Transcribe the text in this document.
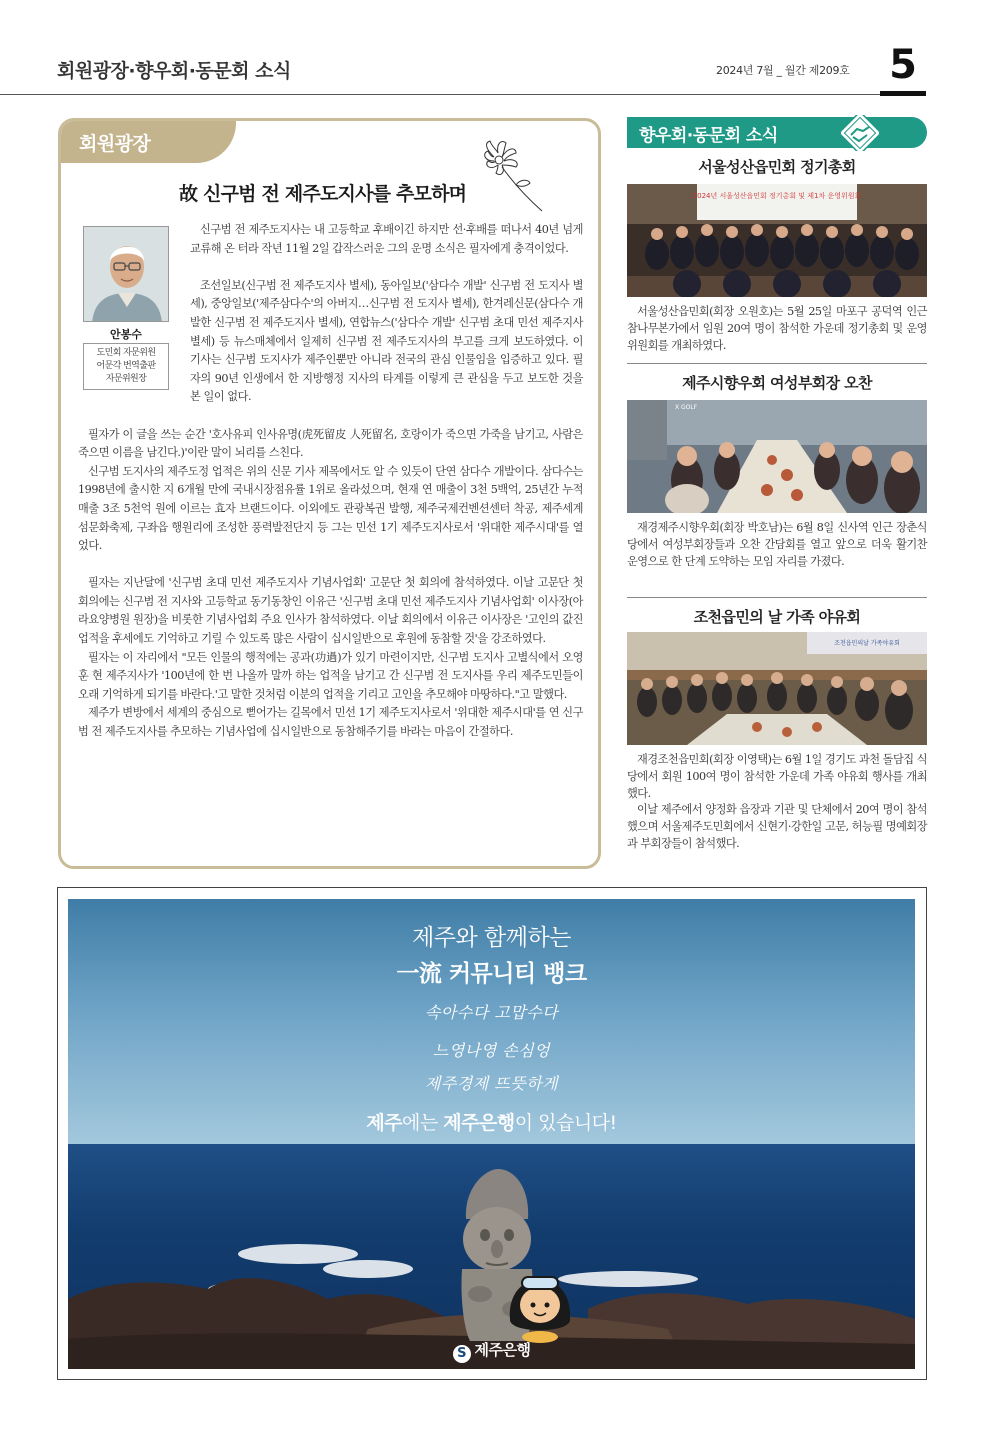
회원광장·향우회·동문회 소식	2024년 7월 _ 월간 제209호 5
회원광장
故 신구범 전 제주도지사를 추모하며
안봉수
도민회 자문위원
어문각 번역출판
자문위원장

신구범 전 제주도지사는 내 고등학교 후배이긴 하지만 선·후배를 떠나서 40년 넘게 교류해 온 터라 작년 11월 2일 갑작스러운 그의 운명 소식은 필자에게 충격이었다.

조선일보(신구범 전 제주도지사 별세), 동아일보('삼다수 개발' 신구범 전 도지사 별세), 중앙일보('제주삼다수'의 아버지…신구범 전 도지사 별세), 한겨레신문(삼다수 개발한 신구범 전 제주도지사 별세), 연합뉴스('삼다수 개발' 신구범 초대 민선 제주지사 별세) 등 뉴스매체에서 일제히 신구범 전 제주도지사의 부고를 크게 보도하였다. 이 기사는 신구범 도지사가 제주인뿐만 아니라 전국의 관심 인물임을 입증하고 있다. 필자의 90년 인생에서 한 지방행정 지사의 타계를 이렇게 큰 관심을 두고 보도한 것을 본 일이 없다.

필자가 이 글을 쓰는 순간 '호사유피 인사유명(虎死留皮 人死留名, 호랑이가 죽으면 가죽을 남기고, 사람은 죽으면 이름을 남긴다.)'이란 말이 뇌리를 스친다.

신구범 도지사의 제주도정 업적은 위의 신문 기사 제목에서도 알 수 있듯이 단연 삼다수 개발이다. 삼다수는 1998년에 출시한 지 6개월 만에 국내시장점유률 1위로 올라섰으며, 현재 연 매출이 3천 5백억, 25년간 누적 매출 3조 5천억 원에 이르는 효자 브랜드이다. 이외에도 관광복권 발행, 제주국제컨벤션센터 착공, 제주세계섬문화축제, 구좌읍 행원리에 조성한 풍력발전단지 등 그는 민선 1기 제주도지사로서 '위대한 제주시대'를 열었다.

필자는 지난달에 '신구범 초대 민선 제주도지사 기념사업회' 고문단 첫 회의에 참석하였다. 이날 고문단 첫 회의에는 신구범 전 지사와 고등학교 동기동창인 이유근 '신구범 초대 민선 제주도지사 기념사업회' 이사장(아라요양병원 원장)을 비롯한 기념사업회 주요 인사가 참석하였다. 이날 회의에서 이유근 이사장은 '고인의 값진 업적을 후세에도 기억하고 기릴 수 있도록 많은 사람이 십시일반으로 후원에 동참할 것'을 강조하였다.

필자는 이 자리에서 "모든 인물의 행적에는 공과(功過)가 있기 마련이지만, 신구범 도지사 고별식에서 오영훈 현 제주지사가 '100년에 한 번 나올까 말까 하는 업적을 남기고 간 신구범 전 도지사를 우리 제주도민들이 오래 기억하게 되기를 바란다.'고 말한 것처럼 이분의 업적을 기리고 고인을 추모해야 마땅하다."고 말했다.

제주가 변방에서 세계의 중심으로 뻗어가는 길목에서 민선 1기 제주도지사로서 '위대한 제주시대'를 연 신구범 전 제주도지사를 추모하는 기념사업에 십시일반으로 동참해주기를 바라는 마음이 간절하다.

향우회·동문회 소식
서울성산읍민회 정기총회
2024년 서울성산읍민회 정기총회 및 제1차 운영위원회

서울성산읍민회(회장 오원호)는 5월 25일 마포구 공덕역 인근 참나무본가에서 임원 20여 명이 참석한 가운데 정기총회 및 운영위원회를 개최하였다.

제주시향우회 여성부회장 오찬
X GOLF

재경제주시향우회(회장 박호남)는 6월 8일 신사역 인근 장춘식당에서 여성부회장들과 오찬 간담회를 열고 앞으로 더욱 활기찬 운영으로 한 단계 도약하는 모임 자리를 가졌다.

조천읍민의 날 가족 야유회
조천읍민의날 가족야유회

재경조천읍민회(회장 이영택)는 6월 1일 경기도 과천 돌담집 식당에서 회원 100여 명이 참석한 가운데 가족 야유회 행사를 개최했다.

이날 제주에서 양정화 읍장과 기관 및 단체에서 20여 명이 참석했으며 서울제주도민회에서 신현기·강한일 고문, 허능필 명예회장과 부회장들이 참석했다.

제주와 함께하는
一流 커뮤니티 뱅크
속아수다 고맙수다
느영나영 손심엉
제주경제 뜨뜻하게
제주에는 제주은행이 있습니다!
S 제주은행
